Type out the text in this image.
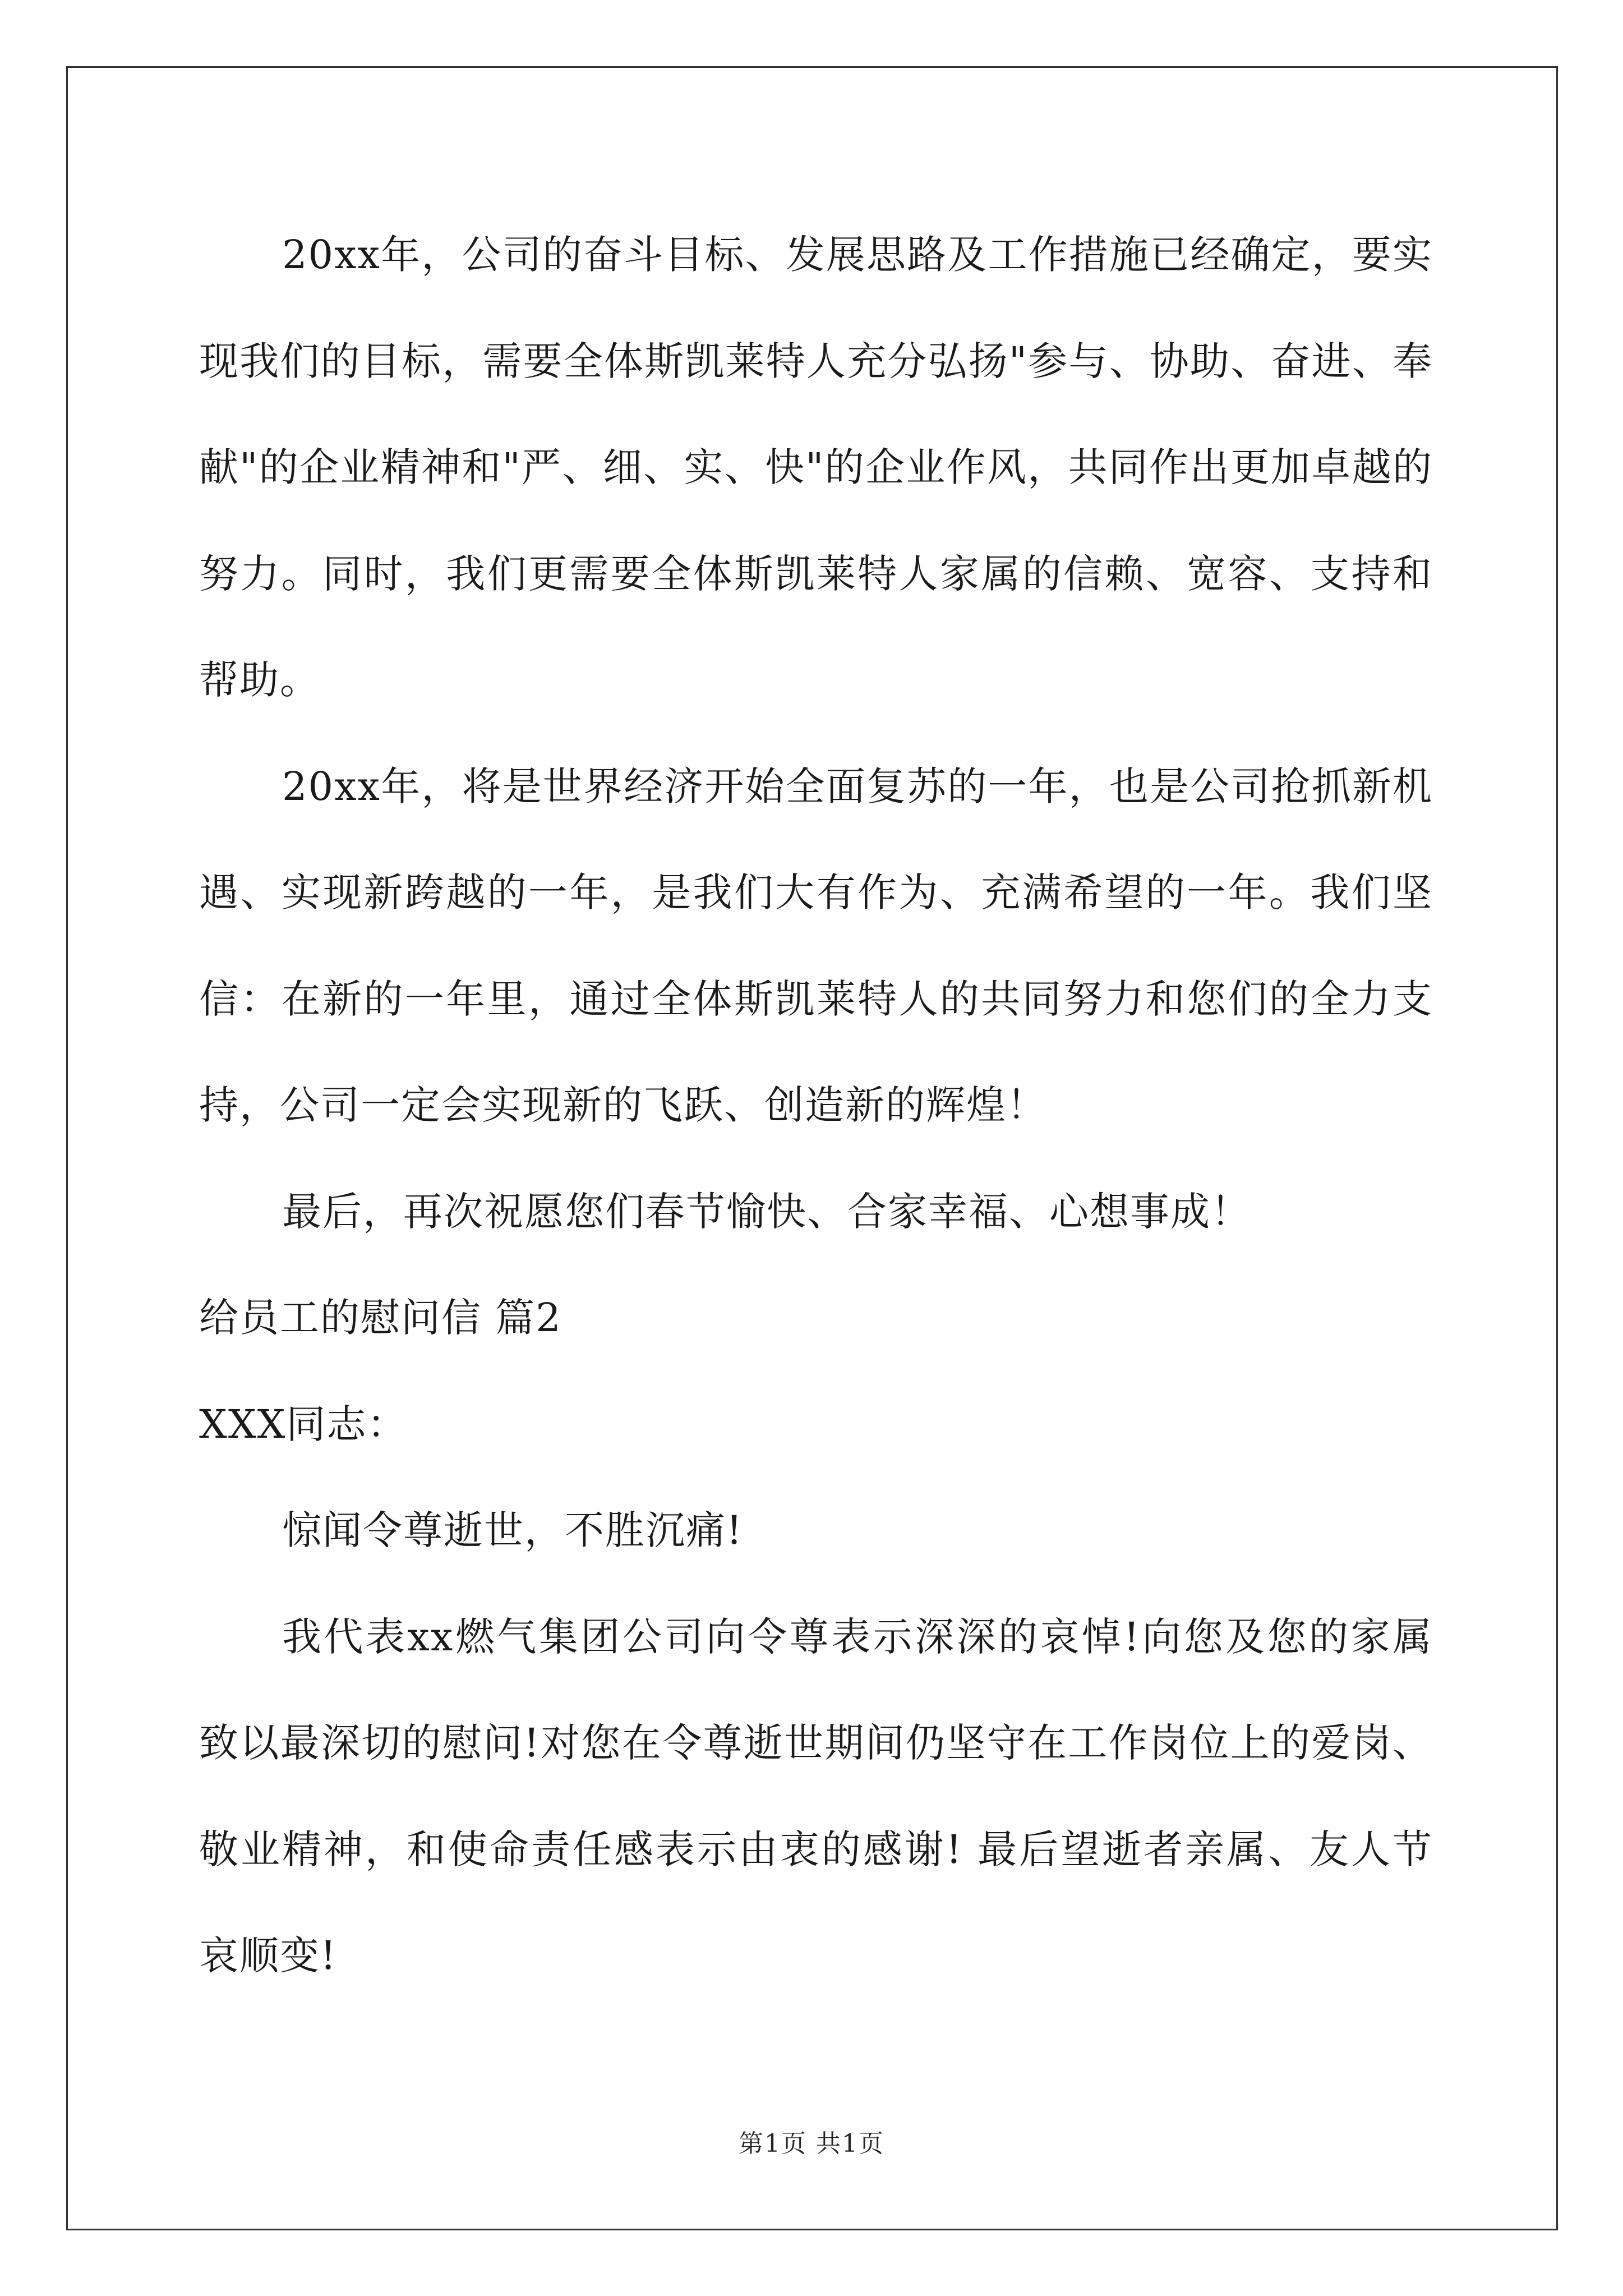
20xx年，公司的奋斗目标、发展思路及工作措施已经确定，要实现我们的目标，需要全体斯凯莱特人充分弘扬"参与、协助、奋进、奉献"的企业精神和"严、细、实、快"的企业作风，共同作出更加卓越的努力。同时，我们更需要全体斯凯莱特人家属的信赖、宽容、支持和帮助。

20xx年，将是世界经济开始全面复苏的一年，也是公司抢抓新机遇、实现新跨越的一年，是我们大有作为、充满希望的一年。我们坚信：在新的一年里，通过全体斯凯莱特人的共同努力和您们的全力支持，公司一定会实现新的飞跃、创造新的辉煌！

最后，再次祝愿您们春节愉快、合家幸福、心想事成！

给员工的慰问信 篇2

XXX同志：

惊闻令尊逝世，不胜沉痛!

我代表xx燃气集团公司向令尊表示深深的哀悼!向您及您的家属致以最深切的慰问!对您在令尊逝世期间仍坚守在工作岗位上的爱岗、敬业精神，和使命责任感表示由衷的感谢! 最后望逝者亲属、友人节哀顺变!

第1页 共1页
